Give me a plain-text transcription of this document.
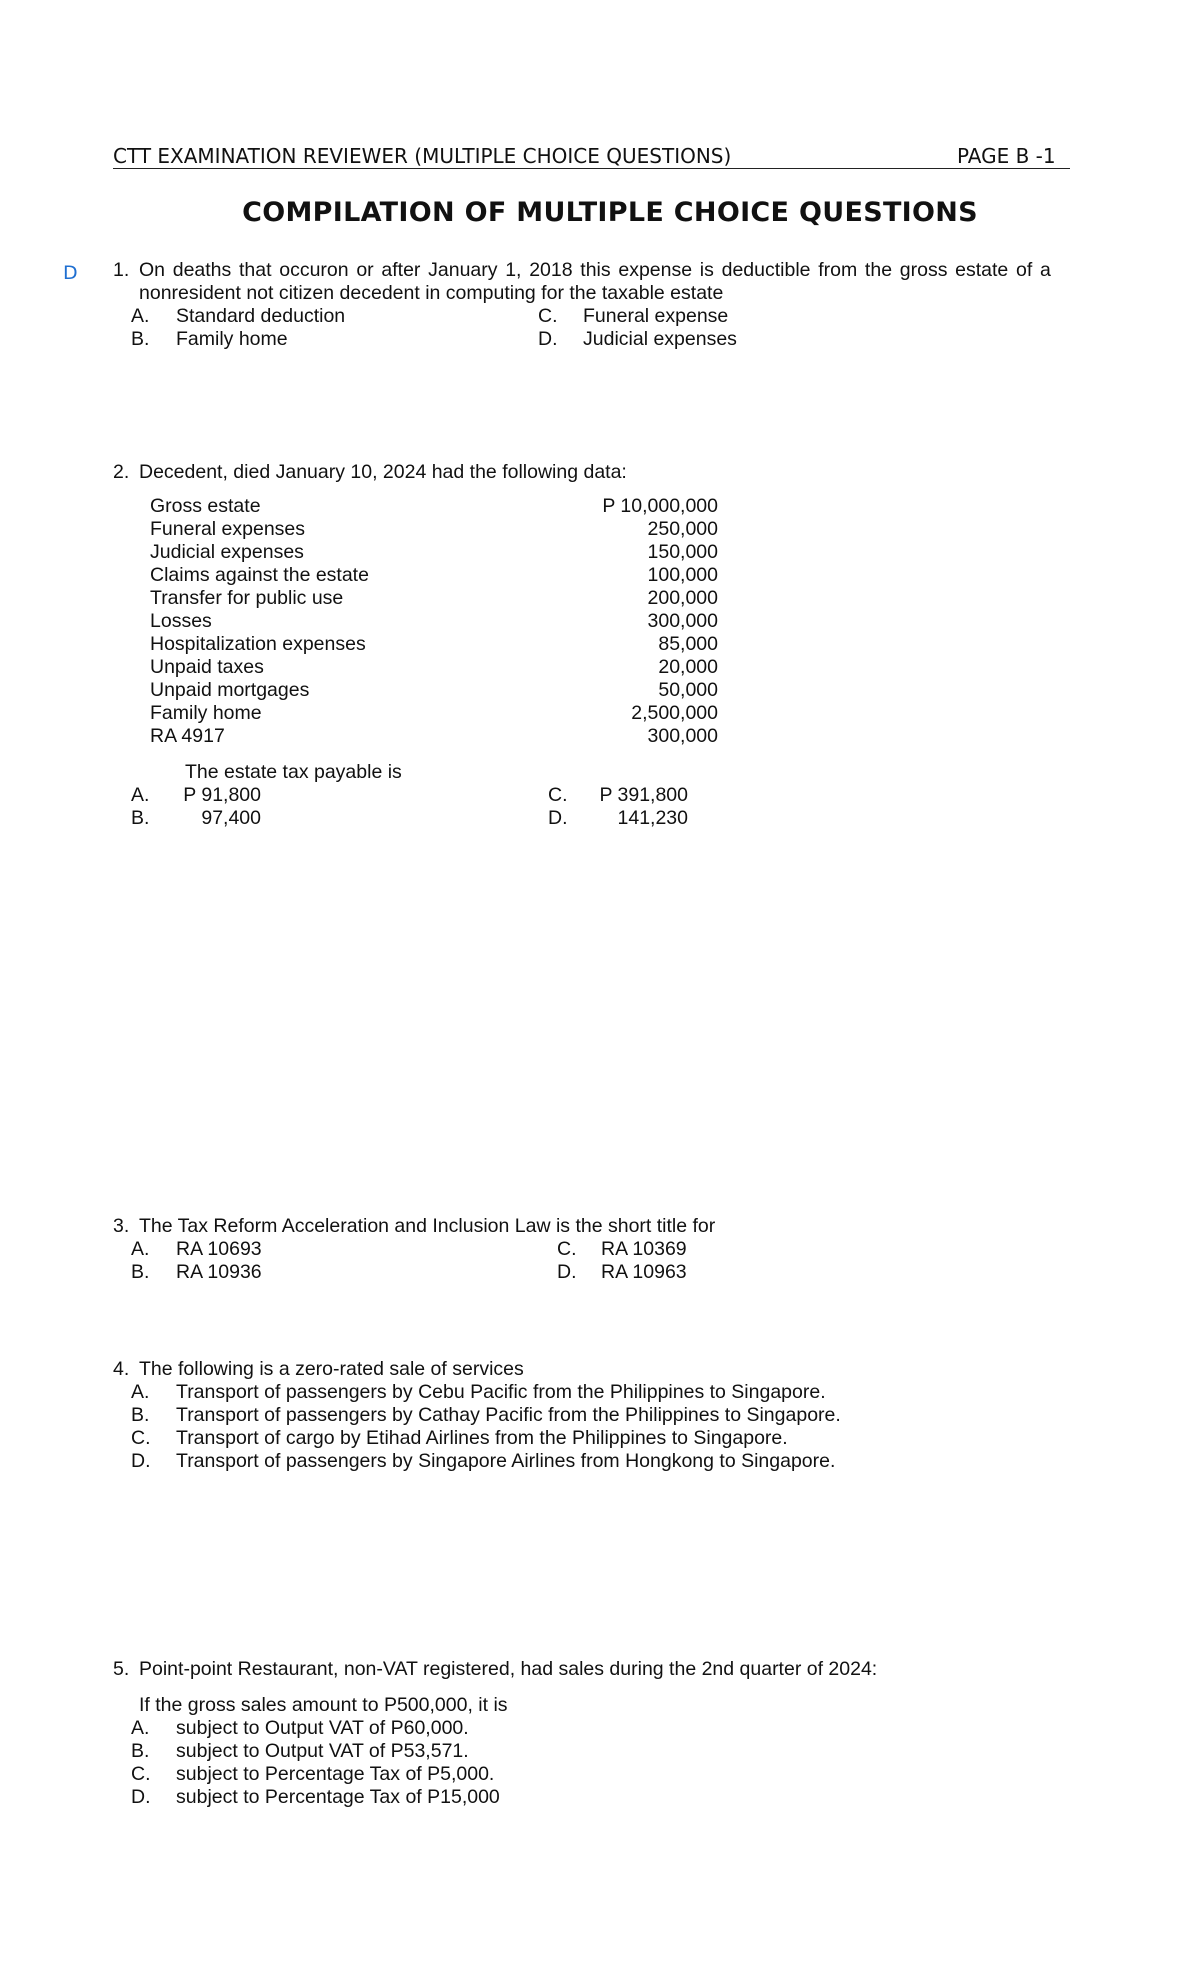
CTT EXAMINATION REVIEWER (MULTIPLE CHOICE QUESTIONS)	PAGE B -1
COMPILATION OF MULTIPLE CHOICE QUESTIONS
D 1. On deaths that occuron or after January 1, 2018 this expense is deductible from the gross estate of a
nonresident not citizen decedent in computing for the taxable estate
A. Standard deduction
B. Family home
C. Funeral expense
D. Judicial expenses
2. Decedent, died January 10, 2024 had the following data:
Gross estate	P 10,000,000
Funeral expenses	250,000
Judicial expenses	150,000
Claims against the estate	100,000
Transfer for public use	200,000
Losses	300,000
Hospitalization expenses	85,000
Unpaid taxes	20,000
Unpaid mortgages	50,000
Family home	2,500,000
RA 4917	300,000
The estate tax payable is
A. P 91,800
B.	97,400
C. P 391,800
D.	141,230
3. The Tax Reform Acceleration and Inclusion Law is the short title for
A. RA 10693
B. RA 10936
C. RA 10369
D. RA 10963
4. The following is a zero-rated sale of services
A. Transport of passengers by Cebu Pacific from the Philippines to Singapore.
B. Transport of passengers by Cathay Pacific from the Philippines to Singapore.
C. Transport of cargo by Etihad Airlines from the Philippines to Singapore.
D. Transport of passengers by Singapore Airlines from Hongkong to Singapore.
5. Point-point Restaurant, non-VAT registered, had sales during the 2nd quarter of 2024:
If the gross sales amount to P500,000, it is
A. subject to Output VAT of P60,000.
B. subject to Output VAT of P53,571.
C. subject to Percentage Tax of P5,000.
D. subject to Percentage Tax of P15,000
